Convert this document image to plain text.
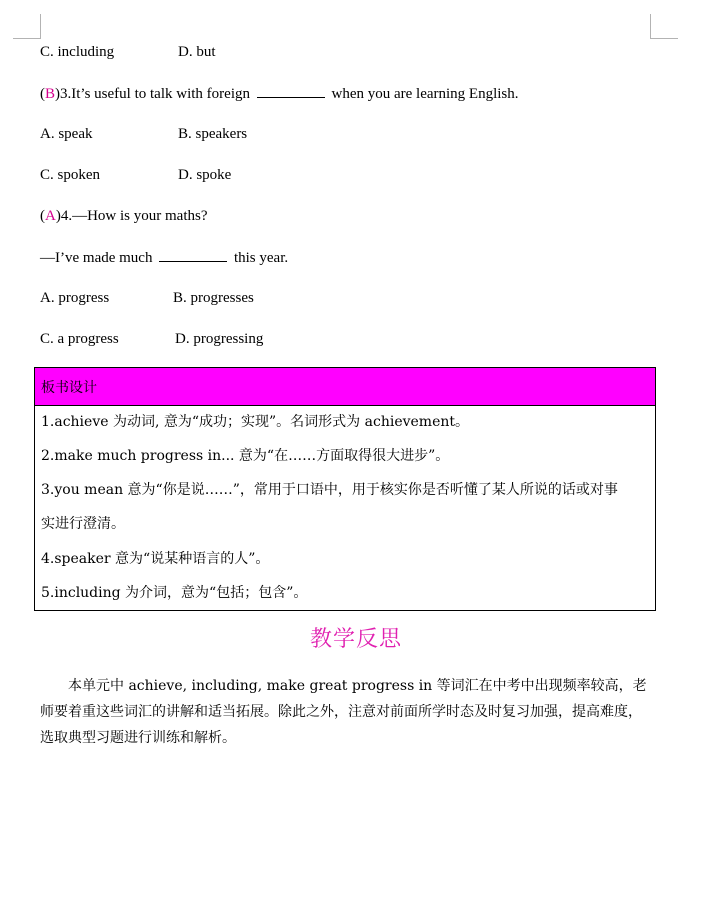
C. including	D. but
(B)3.It’s useful to talk with foreign	when you are learning English.
A. speak	B. speakers
C. spoken	D. spoke
(A)4.—How is your maths?
—I’ve made much	this year.
A. progress	B. progresses
C. a progress	D. progressing
板书设计
1.achieve 为动词, 意为“成功；实现”。名词形式为 achievement。
2.make much progress in... 意为“在……方面取得很大进步”。
3.you mean 意为“你是说……”，常用于口语中，用于核实你是否听懂了某人所说的话或对事
实进行澄清。
4.speaker 意为“说某种语言的人”。
5.including 为介词，意为“包括；包含”。
教学反思
本单元中 achieve, including, make great progress in 等词汇在中考中出现频率较高，老师要着重这些词汇的讲解和适当拓展。除此之外，注意对前面所学时态及时复习加强，提高难度，选取典型习题进行训练和解析。
